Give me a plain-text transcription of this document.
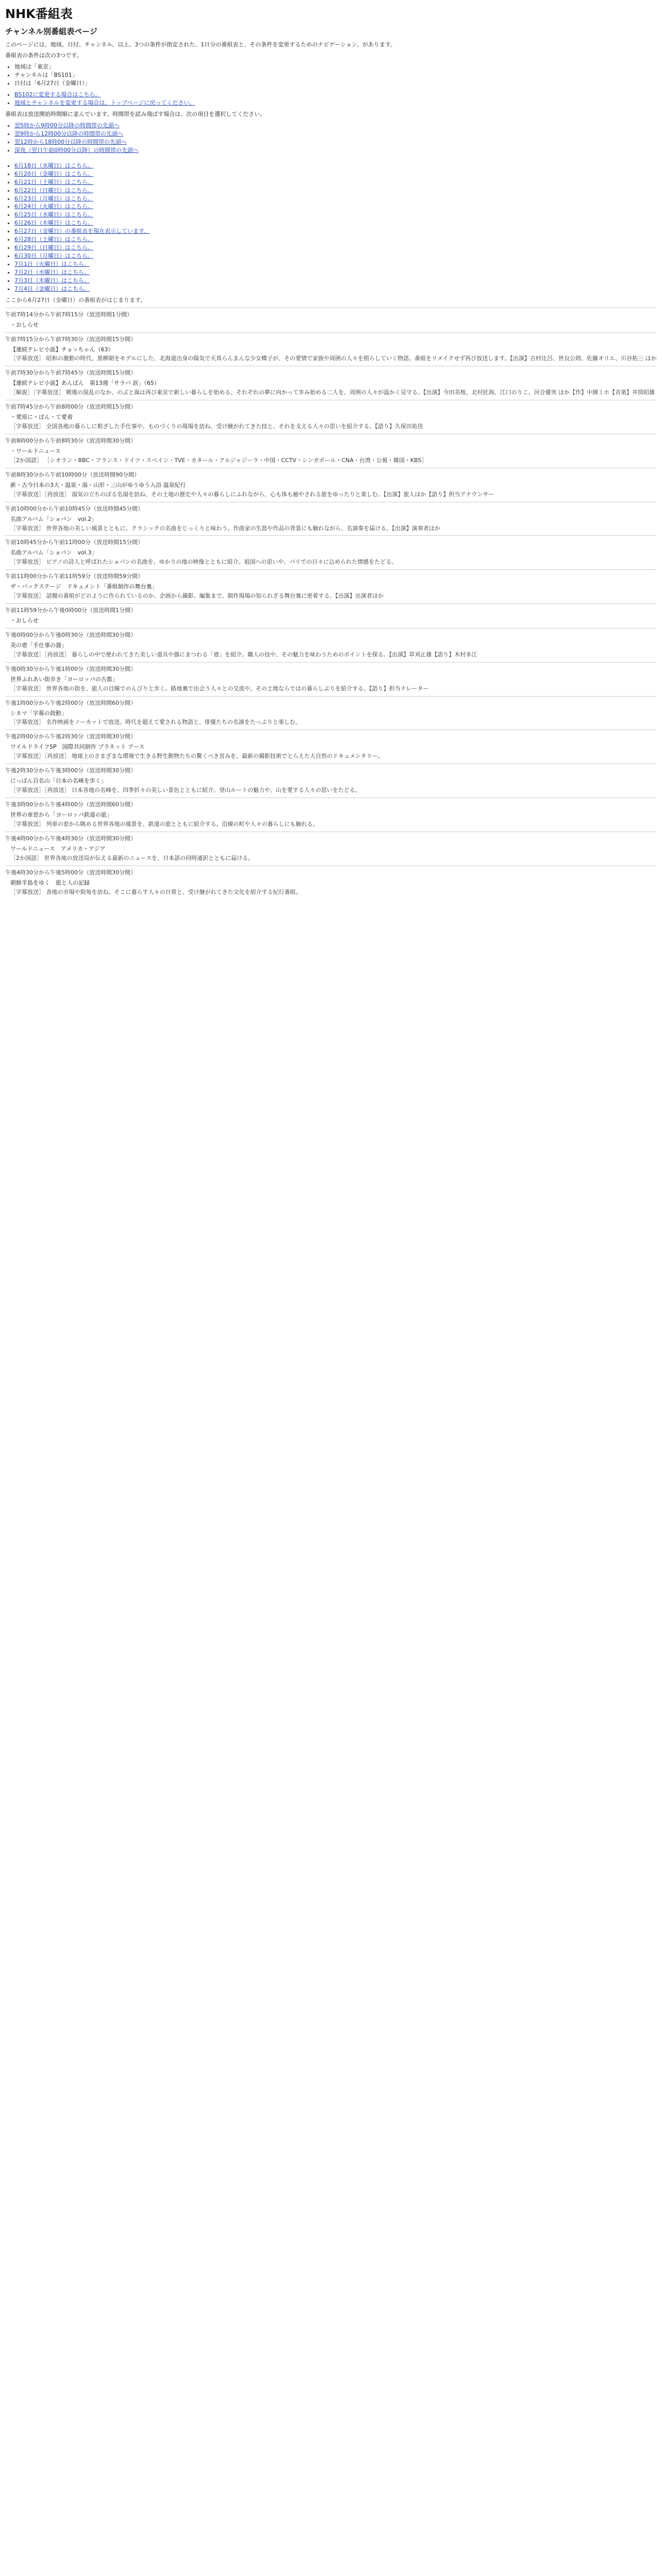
NHK番組表
チャンネル別番組表ページ

このページには、地域、日付、チャンネル、以上、3つの条件が指定された、1日分の番組表と、その条件を変更するためのナビゲーション、があります。

番組表の条件は次の3つです。

• 地域は「東京」
• チャンネルは「BS101」
• 日付は「6月27日（金曜日）」
• BS102に変更する場合はこちら。
• 地域とチャンネルを変更する場合は、トップページに戻ってください。

番組表は放送開始時間順に並んでいます。時間帯を読み飛ばす場合は、次の項目を選択してください。

• 翌5時から9時00分以降の時間帯の先頭へ
• 翌9時から12時00分以降の時間帯の先頭へ
• 翌12時から18時00分以降の時間帯の先頭へ
• 深夜（翌日午前0時00分以降）の時間帯の先頭へ
• 6月18日（水曜日）はこちら。
• 6月20日（金曜日）はこちら。
• 6月21日（土曜日）はこちら。
• 6月22日（日曜日）はこちら。
• 6月23日（月曜日）はこちら。
• 6月24日（火曜日）はこちら。
• 6月25日（水曜日）はこちら。
• 6月26日（木曜日）はこちら。
• 6月27日（金曜日）の番組表を現在表示しています。
• 6月28日（土曜日）はこちら。
• 6月29日（日曜日）はこちら。
• 6月30日（月曜日）はこちら。
• 7月1日（火曜日）はこちら。
• 7月2日（水曜日）はこちら。
• 7月3日（木曜日）はこちら。
• 7月4日（金曜日）はこちら。

ここから6月27日（金曜日）の番組表がはじまります。

午前7時14分から午前7時15分（放送時間1分間）
・おしらせ
午前7時15分から午前7時30分（放送時間15分間）
【連続テレビ小説】チョッちゃん（63）
［字幕放送］ 昭和の激動の時代、黒柳朝をモデルにした、北海道出身の陽気で天真らんまんな少女蝶子が、その愛情で家族や周囲の人々を照らしていく物語。番組をリメイクせず再び放送します。【出演】古村比呂、世良公則、佐藤オリエ、川谷拓三 ほか
午前7時30分から午前7時45分（放送時間15分間）
【連続テレビ小説】あんぱん　第13週「サラバ 涙」（65）
［解説］［字幕放送］ 戦後の混乱のなか、のぶと嵩は再び東京で新しい暮らしを始める。それぞれの夢に向かって歩み始める二人を、周囲の人々が温かく見守る。【出演】今田美桜、北村匠海、江口のりこ、河合優実 ほか【作】中園ミホ【音楽】井筒昭雄
午前7時45分から午前8時00分（放送時間15分間）
・愛原に・ばん・て愛着
［字幕放送］ 全国各地の暮らしに根ざした手仕事や、ものづくりの現場を訪ね、受け継がれてきた技と、それを支える人々の思いを紹介する。【語り】久保田祐佳
午前8時00分から午前8時30分（放送時間30分間）
・ワールドニュース
［2か国語］ ［シオラン・BBC・フランス・ドイツ・スペイン・TVE・カタール・アルジャジーラ・中国・CCTV・シンガポール・CNA・台湾・公視・韓国・KBS］
午前8時30分から午前10時00分（放送時間90分間）
新・古今日本の3大・温泉・湯・山形・三山がゆうゆう入浴 温泉紀行
［字幕放送］［再放送］ 湯気の立ちのぼる名湯を訪ね、その土地の歴史や人々の暮らしにふれながら、心も体も癒やされる旅をゆったりと楽しむ。【出演】旅人ほか【語り】担当アナウンサー
午前10時00分から午前10時45分（放送時間45分間）
名曲アルバム「ショパン　vol.2」
［字幕放送］ 世界各地の美しい風景とともに、クラシックの名曲をじっくりと味わう。作曲家の生涯や作品の背景にも触れながら、名演奏を届ける。【出演】演奏者ほか
午前10時45分から午前11時00分（放送時間15分間）
名曲アルバム「ショパン　vol.3」
［字幕放送］ ピアノの詩人と呼ばれたショパンの名曲を、ゆかりの地の映像とともに紹介。祖国への思いや、パリでの日々に込められた情感をたどる。
午前11時00分から午前11時59分（放送時間59分間）
ザ・バックステージ　ドキュメント「番組制作の舞台裏」
［字幕放送］ 話題の番組がどのように作られているのか、企画から撮影、編集まで、制作現場の知られざる舞台裏に密着する。【出演】出演者ほか
午前11時59分から午後0時00分（放送時間1分間）
・おしらせ
午後0時00分から午後0時30分（放送時間30分間）
美の壺「手仕事の器」
［字幕放送］［再放送］ 暮らしの中で使われてきた美しい道具や器にまつわる「壺」を紹介。職人の技や、その魅力を味わうためのポイントを探る。【出演】草刈正雄【語り】木村多江
午後0時30分から午後1時00分（放送時間30分間）
世界ふれあい街歩き「ヨーロッパの古都」
［字幕放送］ 世界各地の街を、旅人の目線でのんびりと歩く。路地裏で出会う人々との交流や、その土地ならではの暮らしぶりを紹介する。【語り】担当ナレーター
午後1時00分から午後2時00分（放送時間60分間）
シネマ「字幕の鼓動」
［字幕放送］ 名作映画をノーカットで放送。時代を超えて愛される物語と、俳優たちの名演をたっぷりと楽しむ。
午後2時00分から午後2時30分（放送時間30分間）
ワイルドライフSP　国際共同制作 プラネット アース
［字幕放送］［再放送］ 地球上のさまざまな環境で生きる野生動物たちの驚くべき営みを、最新の撮影技術でとらえた大自然のドキュメンタリー。
午後2時30分から午後3時00分（放送時間30分間）
にっぽん百名山「日本の名峰を歩く」
［字幕放送］［再放送］ 日本各地の名峰を、四季折々の美しい景色とともに紹介。登山ルートの魅力や、山を愛する人々の思いをたどる。
午後3時00分から午後4時00分（放送時間60分間）
世界の車窓から「ヨーロッパ鉄道の旅」
［字幕放送］ 列車の窓から眺める世界各地の風景を、鉄道の旅とともに紹介する。沿線の町や人々の暮らしにも触れる。
午後4時00分から午後4時30分（放送時間30分間）
ワールドニュース　アメリカ・アジア
［2か国語］ 世界各地の放送局が伝える最新のニュースを、日本語の同時通訳とともに届ける。
午後4時30分から午後5時00分（放送時間30分間）
朝鮮半島をゆく　旅と人の記録
［字幕放送］ 各地の市場や街角を訪ね、そこに暮らす人々の日常と、受け継がれてきた文化を紹介する紀行番組。
